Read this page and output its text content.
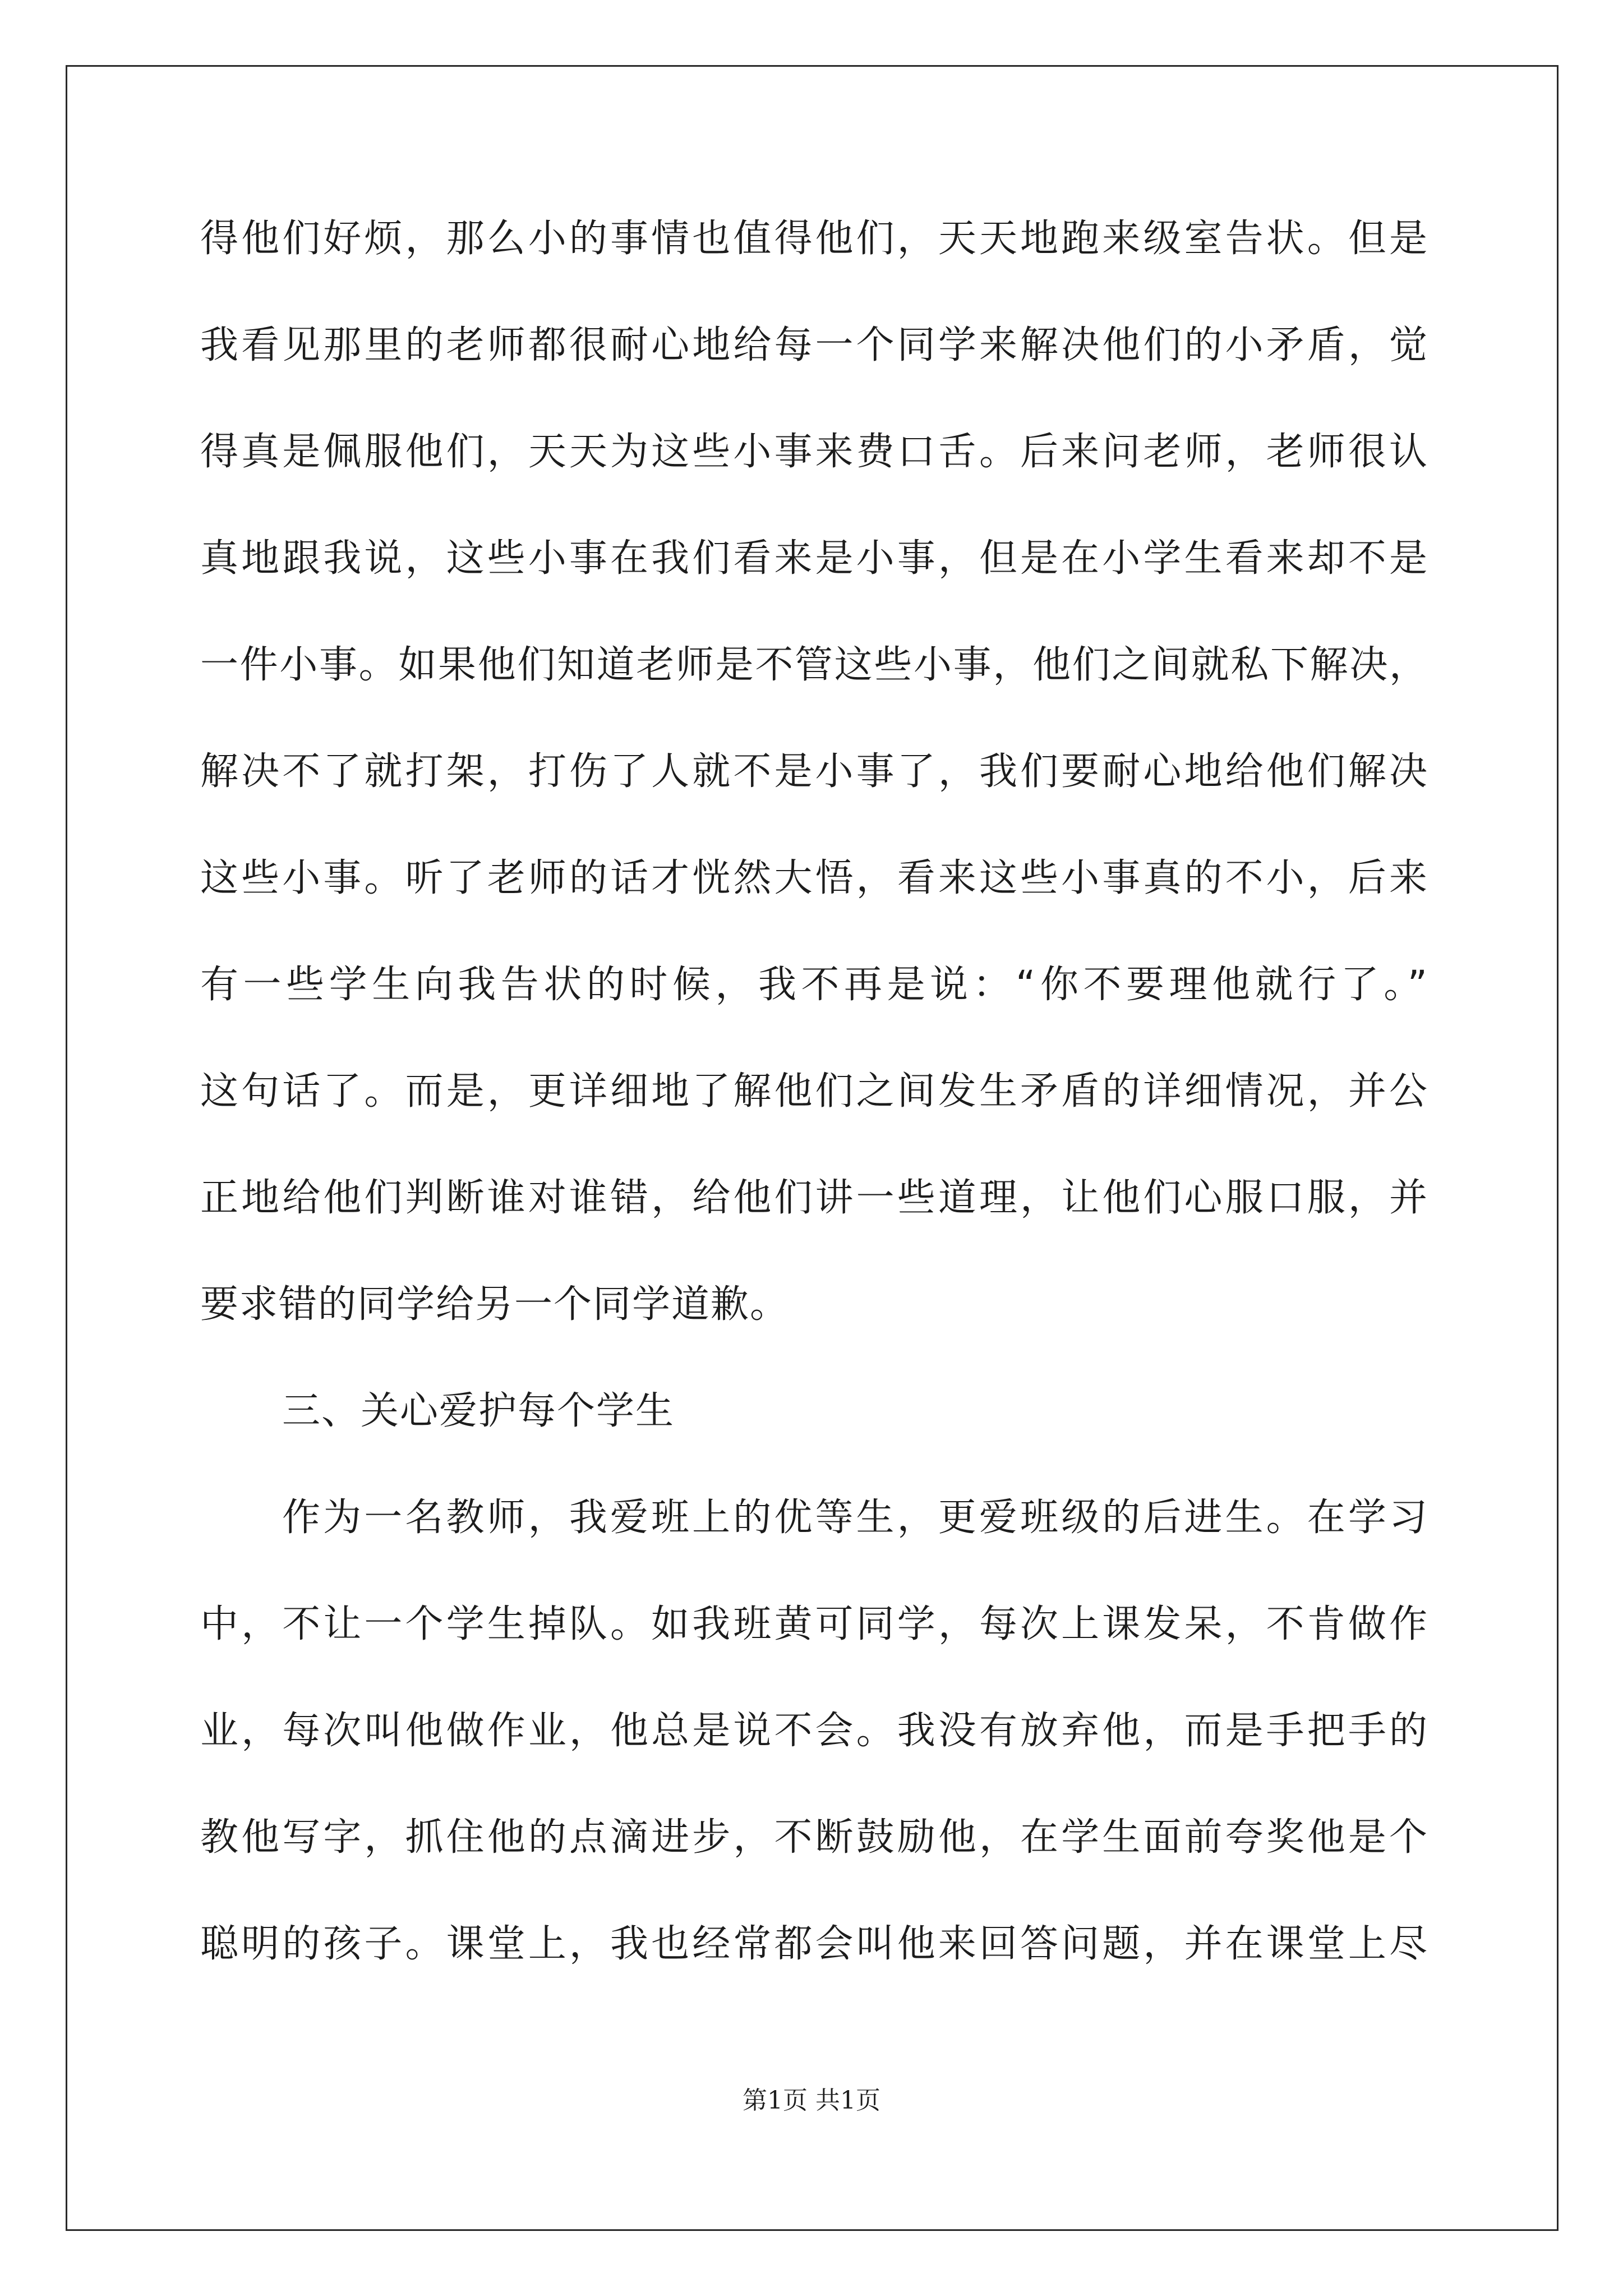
得他们好烦，那么小的事情也值得他们，天天地跑来级室告状。但是
我看见那里的老师都很耐心地给每一个同学来解决他们的小矛盾，觉
得真是佩服他们，天天为这些小事来费口舌。后来问老师，老师很认
真地跟我说，这些小事在我们看来是小事，但是在小学生看来却不是
一件小事。如果他们知道老师是不管这些小事，他们之间就私下解决，
解决不了就打架，打伤了人就不是小事了，我们要耐心地给他们解决
这些小事。听了老师的话才恍然大悟，看来这些小事真的不小，后来
有一些学生向我告状的时候，我不再是说：“你不要理他就行了。”
这句话了。而是，更详细地了解他们之间发生矛盾的详细情况，并公
正地给他们判断谁对谁错，给他们讲一些道理，让他们心服口服，并
要求错的同学给另一个同学道歉。
三、关心爱护每个学生
作为一名教师，我爱班上的优等生，更爱班级的后进生。在学习
中，不让一个学生掉队。如我班黄可同学，每次上课发呆，不肯做作
业，每次叫他做作业，他总是说不会。我没有放弃他，而是手把手的
教他写字，抓住他的点滴进步，不断鼓励他，在学生面前夸奖他是个
聪明的孩子。课堂上，我也经常都会叫他来回答问题，并在课堂上尽
第1页 共1页
